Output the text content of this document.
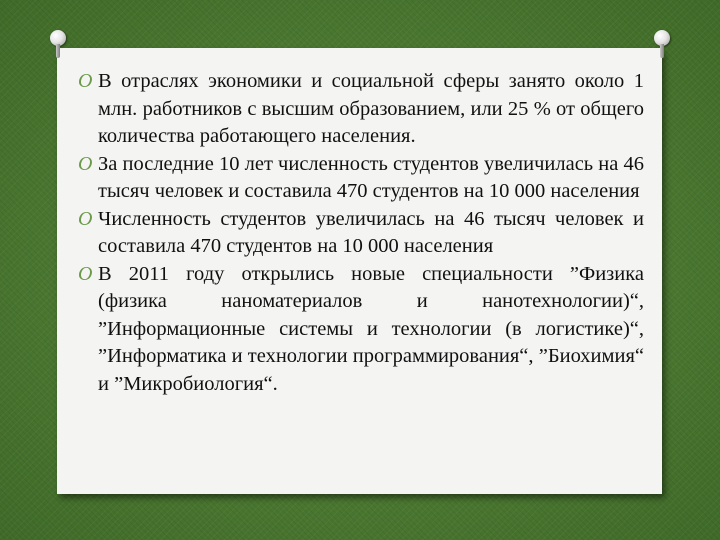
O В отраслях экономики и социальной сферы занято около 1 млн. работников с высшим образованием, или 25 % от общего количества работающего населения.
O За последние 10 лет численность студентов увеличилась на 46 тысяч человек и составила 470 студентов на 10 000 населения
O Численность студентов увеличилась на 46 тысяч человек и составила 470 студентов на 10 000 населения
O В 2011 году открылись новые специальности ”Физика (физика наноматериалов и нанотехнологии)“, ”Информационные системы и технологии (в логистике)“, ”Информатика и технологии программирования“, ”Биохимия“ и ”Микробиология“.
